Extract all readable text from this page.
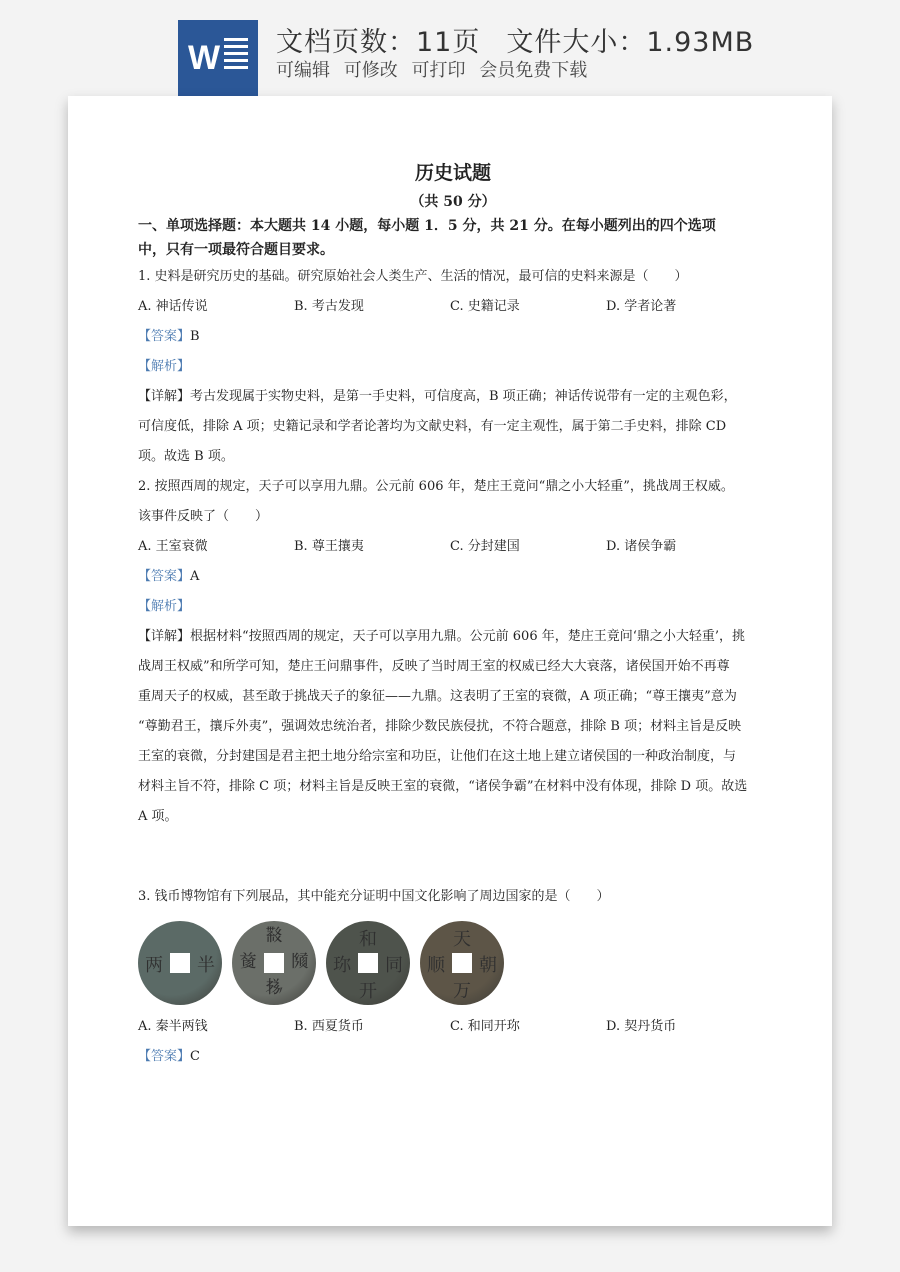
W 文档页数：11页 文件大小：1.93MB
可编辑 可修改 可打印 会员免费下载
历史试题
（共 50 分）
一、单项选择题：本大题共 14 小题，每小题 1．5 分，共 21 分。在每小题列出的四个选项
中，只有一项最符合题目要求。
1. 史料是研究历史的基础。研究原始社会人类生产、生活的情况，最可信的史料来源是（　　）
A. 神话传说	B. 考古发现	C. 史籍记录	D. 学者论著
【答案】B
【解析】
【详解】考古发现属于实物史料，是第一手史料，可信度高，B 项正确；神话传说带有一定的主观色彩，
可信度低，排除 A 项；史籍记录和学者论著均为文献史料，有一定主观性，属于第二手史料，排除 CD
项。故选 B 项。
2. 按照西周的规定，天子可以享用九鼎。公元前 606 年，楚庄王竟问“鼎之小大轻重”，挑战周王权威。
该事件反映了（　　）
A. 王室衰微	B. 尊王攘夷	C. 分封建国	D. 诸侯争霸
【答案】A
【解析】
【详解】根据材料“按照西周的规定，天子可以享用九鼎。公元前 606 年，楚庄王竟问‘鼎之小大轻重’，挑
战周王权威”和所学可知，楚庄王问鼎事件，反映了当时周王室的权威已经大大衰落，诸侯国开始不再尊
重周天子的权威，甚至敢于挑战天子的象征——九鼎。这表明了王室的衰微，A 项正确；“尊王攘夷”意为
“尊勤君王，攘斥外夷”，强调效忠统治者，排除少数民族侵扰，不符合题意，排除 B 项；材料主旨是反映
王室的衰微，分封建国是君主把土地分给宗室和功臣，让他们在这土地上建立诸侯国的一种政治制度，与
材料主旨不符，排除 C 项；材料主旨是反映王室的衰微，“诸侯争霸”在材料中没有体现，排除 D 项。故选
A 项。
3. 钱币博物馆有下列展品，其中能充分证明中国文化影响了周边国家的是（　　）
两 半
𘜶
𗒹 𗂧
𗈪
和
同
开
珎
天
朝
万
顺
A. 秦半两钱	B. 西夏货币	C. 和同开珎	D. 契丹货币
【答案】C
